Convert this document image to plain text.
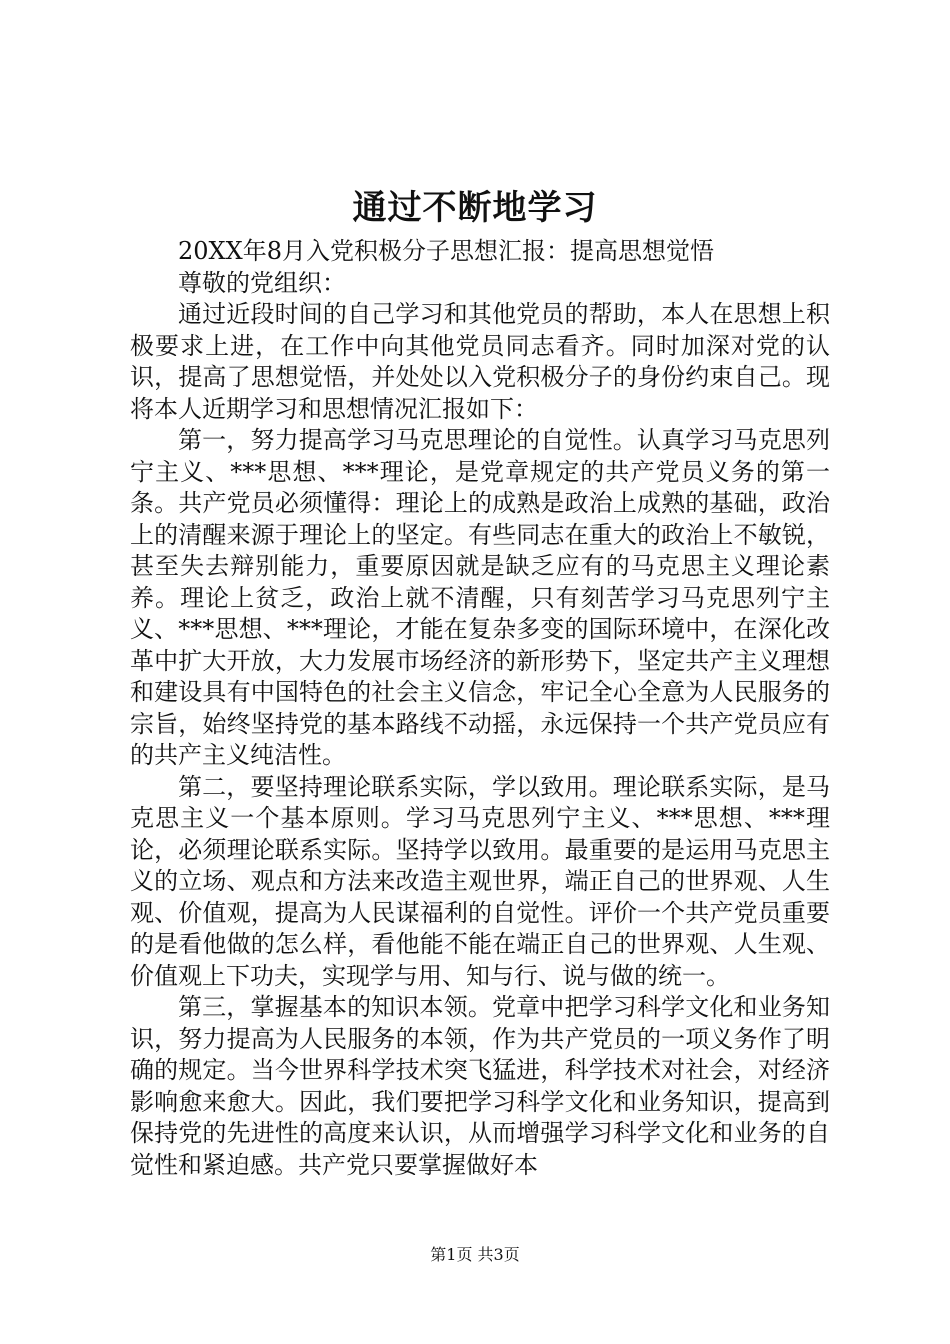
通过不断地学习

20XX年8月入党积极分子思想汇报：提高思想觉悟

尊敬的党组织：

通过近段时间的自己学习和其他党员的帮助，本人在思想上积极要求上进，在工作中向其他党员同志看齐。同时加深对党的认识，提高了思想觉悟，并处处以入党积极分子的身份约束自己。现将本人近期学习和思想情况汇报如下：

第一，努力提高学习马克思理论的自觉性。认真学习马克思列宁主义、***思想、***理论，是党章规定的共产党员义务的第一条。共产党员必须懂得：理论上的成熟是政治上成熟的基础，政治上的清醒来源于理论上的坚定。有些同志在重大的政治上不敏锐，甚至失去辩别能力，重要原因就是缺乏应有的马克思主义理论素养。理论上贫乏，政治上就不清醒，只有刻苦学习马克思列宁主义、***思想、***理论，才能在复杂多变的国际环境中，在深化改革中扩大开放，大力发展市场经济的新形势下，坚定共产主义理想和建设具有中国特色的社会主义信念，牢记全心全意为人民服务的宗旨，始终坚持党的基本路线不动摇，永远保持一个共产党员应有的共产主义纯洁性。

第二，要坚持理论联系实际，学以致用。理论联系实际，是马克思主义一个基本原则。学习马克思列宁主义、***思想、***理论，必须理论联系实际。坚持学以致用。最重要的是运用马克思主义的立场、观点和方法来改造主观世界，端正自己的世界观、人生观、价值观，提高为人民谋福利的自觉性。评价一个共产党员重要的是看他做的怎么样，看他能不能在端正自己的世界观、人生观、价值观上下功夫，实现学与用、知与行、说与做的统一。

第三，掌握基本的知识本领。党章中把学习科学文化和业务知识，努力提高为人民服务的本领，作为共产党员的一项义务作了明确的规定。当今世界科学技术突飞猛进，科学技术对社会，对经济影响愈来愈大。因此，我们要把学习科学文化和业务知识，提高到保持党的先进性的高度来认识，从而增强学习科学文化和业务的自觉性和紧迫感。共产党只要掌握做好本

第1页 共3页
